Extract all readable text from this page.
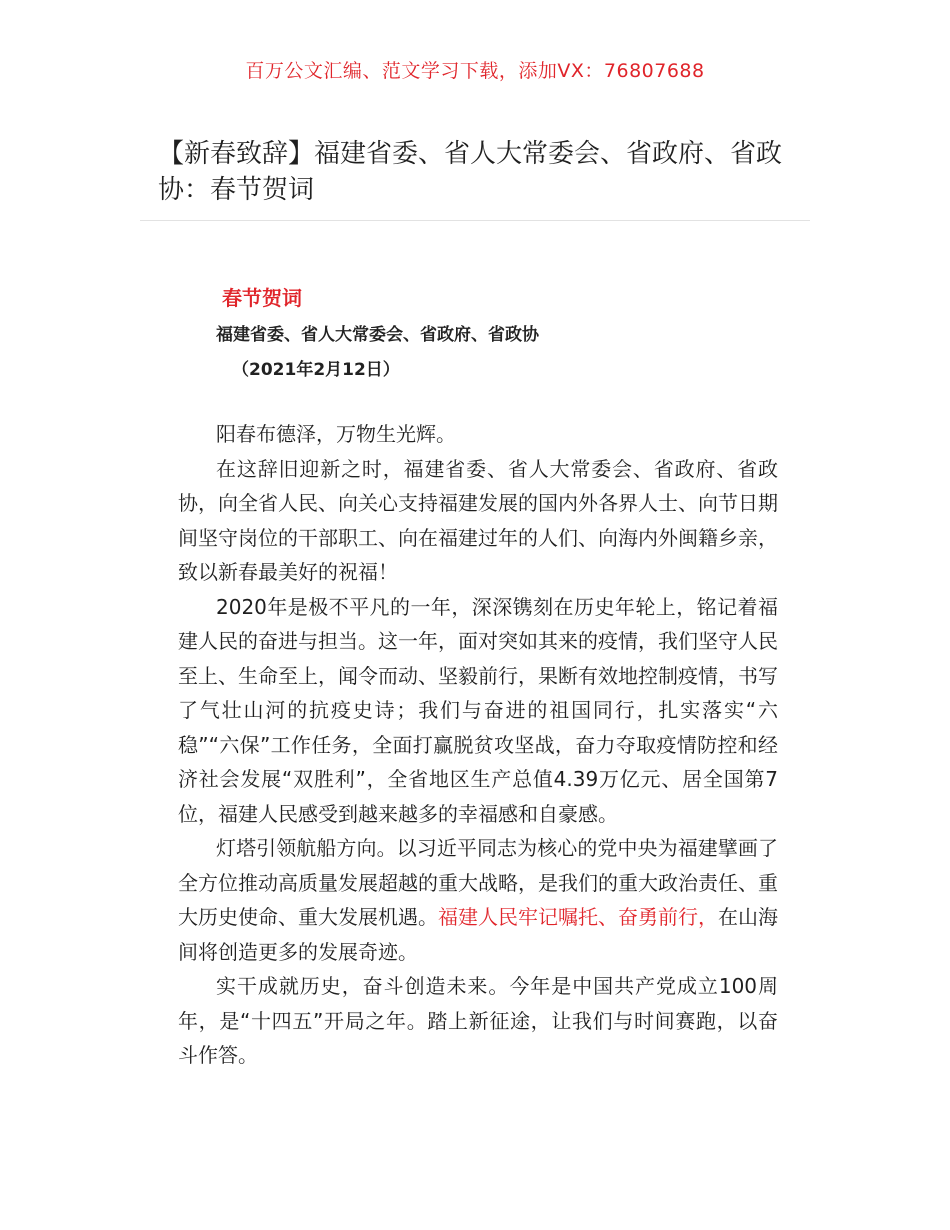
百万公文汇编、范文学习下载，添加VX：76807688
【新春致辞】福建省委、省人大常委会、省政府、省政协：春节贺词
春节贺词
福建省委、省人大常委会、省政府、省政协
（2021年2月12日）

阳春布德泽，万物生光辉。

在这辞旧迎新之时，福建省委、省人大常委会、省政府、省政协，向全省人民、向关心支持福建发展的国内外各界人士、向节日期间坚守岗位的干部职工、向在福建过年的人们、向海内外闽籍乡亲，致以新春最美好的祝福！

2020年是极不平凡的一年，深深镌刻在历史年轮上，铭记着福建人民的奋进与担当。这一年，面对突如其来的疫情，我们坚守人民至上、生命至上，闻令而动、坚毅前行，果断有效地控制疫情，书写了气壮山河的抗疫史诗；我们与奋进的祖国同行，扎实落实“六稳”“六保”工作任务，全面打赢脱贫攻坚战，奋力夺取疫情防控和经济社会发展“双胜利”，全省地区生产总值4.39万亿元、居全国第7位，福建人民感受到越来越多的幸福感和自豪感。

灯塔引领航船方向。以习近平同志为核心的党中央为福建擘画了全方位推动高质量发展超越的重大战略，是我们的重大政治责任、重大历史使命、重大发展机遇。福建人民牢记嘱托、奋勇前行，在山海间将创造更多的发展奇迹。

实干成就历史，奋斗创造未来。今年是中国共产党成立100周年，是“十四五”开局之年。踏上新征途，让我们与时间赛跑，以奋斗作答。
